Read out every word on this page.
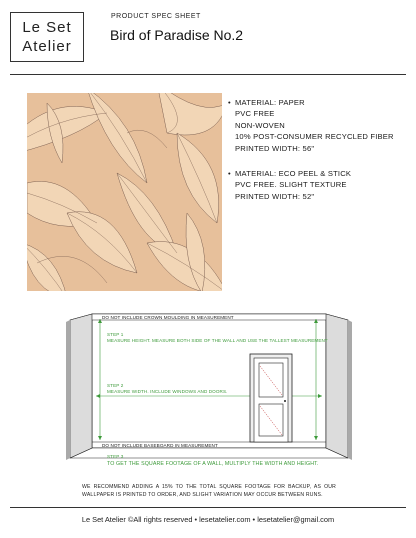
Le Set
Atelier
PRODUCT SPEC SHEET
Bird of Paradise No.2
• MATERIAL: PAPER
PVC FREE
NON-WOVEN
10% POST-CONSUMER RECYCLED FIBER
PRINTED WIDTH: 56"
• MATERIAL: ECO PEEL & STICK
PVC FREE. SLIGHT TEXTURE
PRINTED WIDTH: 52"
DO NOT INCLUDE CROWN MOULDING IN MEASUREMENT
STEP 1
MEASURE HEIGHT. MEASURE BOTH SIDE OF THE WALL AND USE THE TALLEST MEASUREMENT
STEP 2
MEASURE WIDTH. INCLUDE WINDOWS AND DOORS.
DO NOT INCLUDE BASEBOARD IN MEASUREMENT
STEP 3
TO GET THE SQUARE FOOTAGE OF A WALL, MULTIPLY THE WIDTH AND HEIGHT.
WE RECOMMEND ADDING A 15% TO THE TOTAL SQUARE FOOTAGE FOR BACKUP, AS OUR WALLPAPER IS PRINTED TO ORDER, AND SLIGHT VARIATION MAY OCCUR BETWEEN RUNS.
Le Set Atelier ©All rights reserved • lesetatelier.com • lesetatelier@gmail.com
